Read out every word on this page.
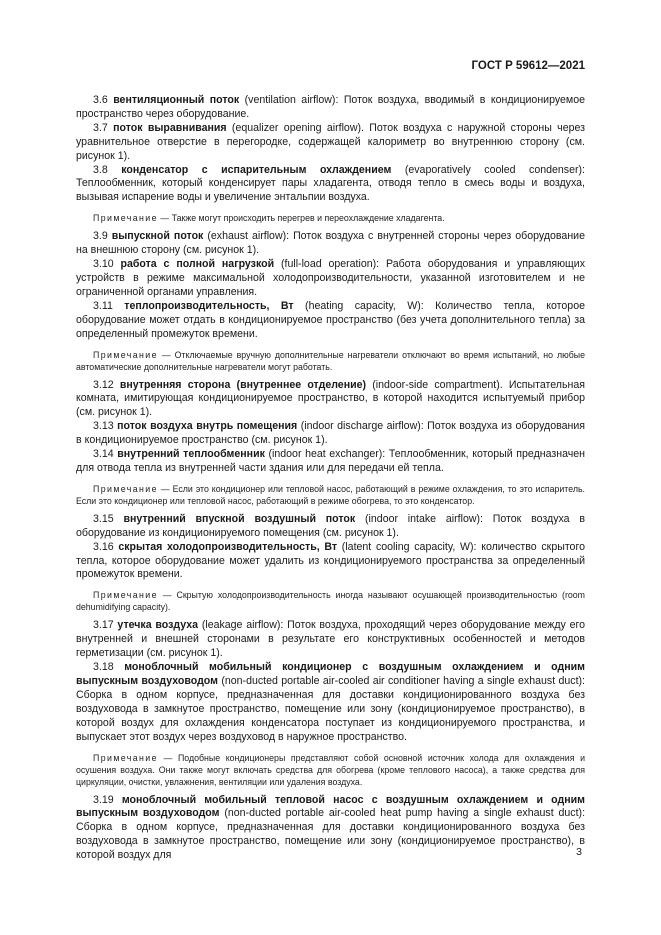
ГОСТ Р 59612—2021

3.6 вентиляционный поток (ventilation airflow): Поток воздуха, вводимый в кондиционируемое пространство через оборудование.

3.7 поток выравнивания (equalizer opening airflow). Поток воздуха с наружной стороны через уравнительное отверстие в перегородке, содержащей калориметр во внутреннюю сторону (см. рисунок 1).

3.8 конденсатор с испарительным охлаждением (evaporatively cooled condenser): Теплообменник, который конденсирует пары хладагента, отводя тепло в смесь воды и воздуха, вызывая испарение воды и увеличение энтальпии воздуха.

Примечание — Также могут происходить перегрев и переохлаждение хладагента.

3.9 выпускной поток (exhaust airflow): Поток воздуха с внутренней стороны через оборудование на внешнюю сторону (см. рисунок 1).

3.10 работа с полной нагрузкой (full-load operation): Работа оборудования и управляющих устройств в режиме максимальной холодопроизводительности, указанной изготовителем и не ограниченной органами управления.

3.11 теплопроизводительность, Вт (heating capacity, W): Количество тепла, которое оборудование может отдать в кондиционируемое пространство (без учета дополнительного тепла) за определенный промежуток времени.

Примечание — Отключаемые вручную дополнительные нагреватели отключают во время испытаний, но любые автоматические дополнительные нагреватели могут работать.

3.12 внутренняя сторона (внутреннее отделение) (indoor-side compartment). Испытательная комната, имитирующая кондиционируемое пространство, в которой находится испытуемый прибор (см. рисунок 1).

3.13 поток воздуха внутрь помещения (indoor discharge airflow): Поток воздуха из оборудования в кондиционируемое пространство (см. рисунок 1).

3.14 внутренний теплообменник (indoor heat exchanger): Теплообменник, который предназначен для отвода тепла из внутренней части здания или для передачи ей тепла.

Примечание — Если это кондиционер или тепловой насос, работающий в режиме охлаждения, то это испаритель. Если это кондиционер или тепловой насос, работающий в режиме обогрева, то это конденсатор.

3.15 внутренний впускной воздушный поток (indoor intake airflow): Поток воздуха в оборудование из кондиционируемого помещения (см. рисунок 1).

3.16 скрытая холодопроизводительность, Вт (latent cooling capacity, W): количество скрытого тепла, которое оборудование может удалить из кондиционируемого пространства за определенный промежуток времени.

Примечание — Скрытую холодопроизводительность иногда называют осушающей производительностью (room dehumidifying capacity).

3.17 утечка воздуха (leakage airflow): Поток воздуха, проходящий через оборудование между его внутренней и внешней сторонами в результате его конструктивных особенностей и методов герметизации (см. рисунок 1).

3.18 моноблочный мобильный кондиционер с воздушным охлаждением и одним выпускным воздуховодом (non-ducted portable air-cooled air conditioner having a single exhaust duct): Сборка в одном корпусе, предназначенная для доставки кондиционированного воздуха без воздуховода в замкнутое пространство, помещение или зону (кондиционируемое пространство), в которой воздух для охлаждения конденсатора поступает из кондиционируемого пространства, и выпускает этот воздух через воздуховод в наружное пространство.

Примечание — Подобные кондиционеры представляют собой основной источник холода для охлаждения и осушения воздуха. Они также могут включать средства для обогрева (кроме теплового насоса), а также средства для циркуляции, очистки, увлажнения, вентиляции или удаления воздуха.

3.19 моноблочный мобильный тепловой насос с воздушным охлаждением и одним выпускным воздуховодом (non-ducted portable air-cooled heat pump having a single exhaust duct): Сборка в одном корпусе, предназначенная для доставки кондиционированного воздуха без воздуховода в замкнутое пространство, помещение или зону (кондиционируемое пространство), в которой воздух для	3
